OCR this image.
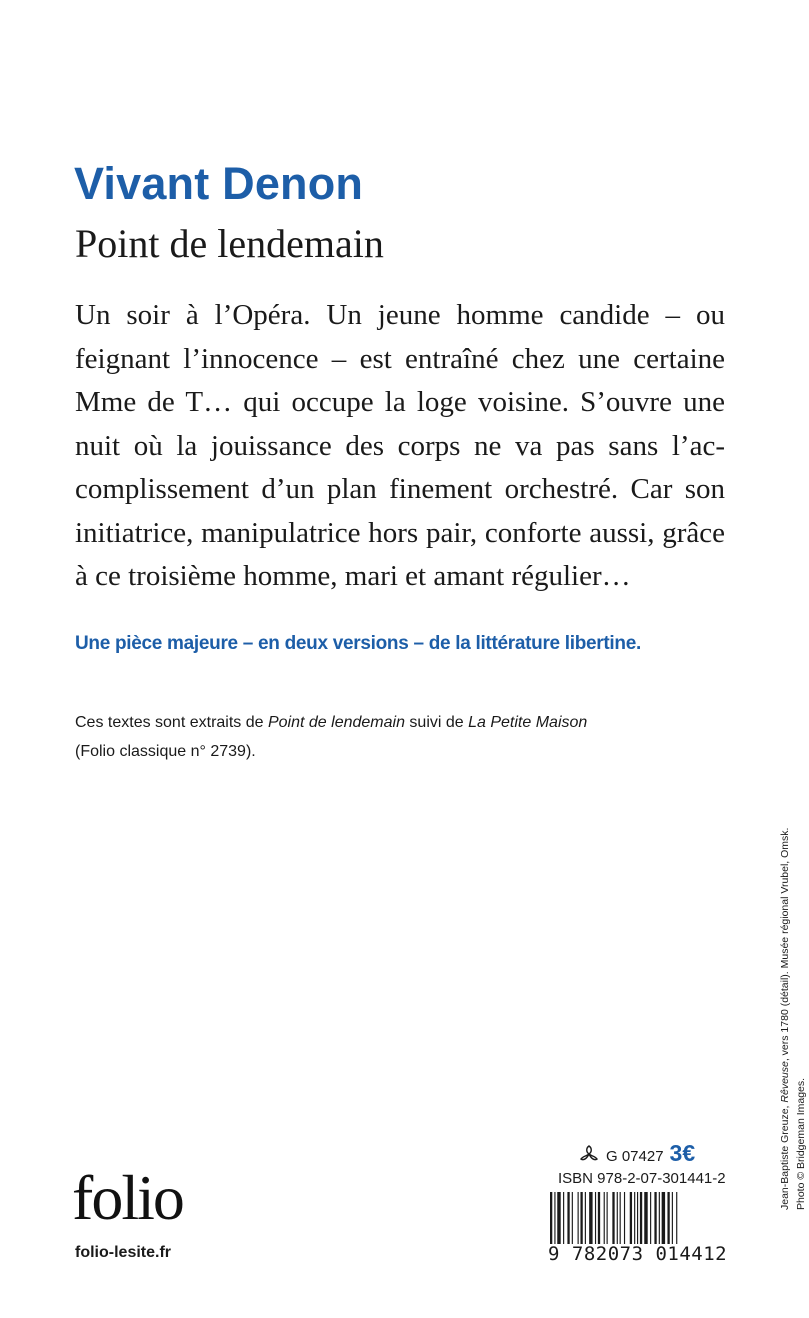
Vivant Denon
Point de lendemain
Un soir à l’Opéra. Un jeune homme candide – ou
feignant l’innocence – est entraîné chez une certaine
Mme de T… qui occupe la loge voisine. S’ouvre une
nuit où la jouissance des corps ne va pas sans l’ac-
complissement d’un plan finement orchestré. Car son
initiatrice, manipulatrice hors pair, conforte aussi, grâce
à ce troisième homme, mari et amant régulier…
Une pièce majeure – en deux versions – de la littérature libertine.
Ces textes sont extraits de Point de lendemain suivi de La Petite Maison
(Folio classique n° 2739).
Jean-Baptiste Greuze, Rêveuse, vers 1780 (détail). Musée régional Vrubel, Omsk.
Photo © Bridgeman Images.
folio
folio-lesite.fr
G 07427 3€
ISBN 978-2-07-301441-2
9 782073 014412
